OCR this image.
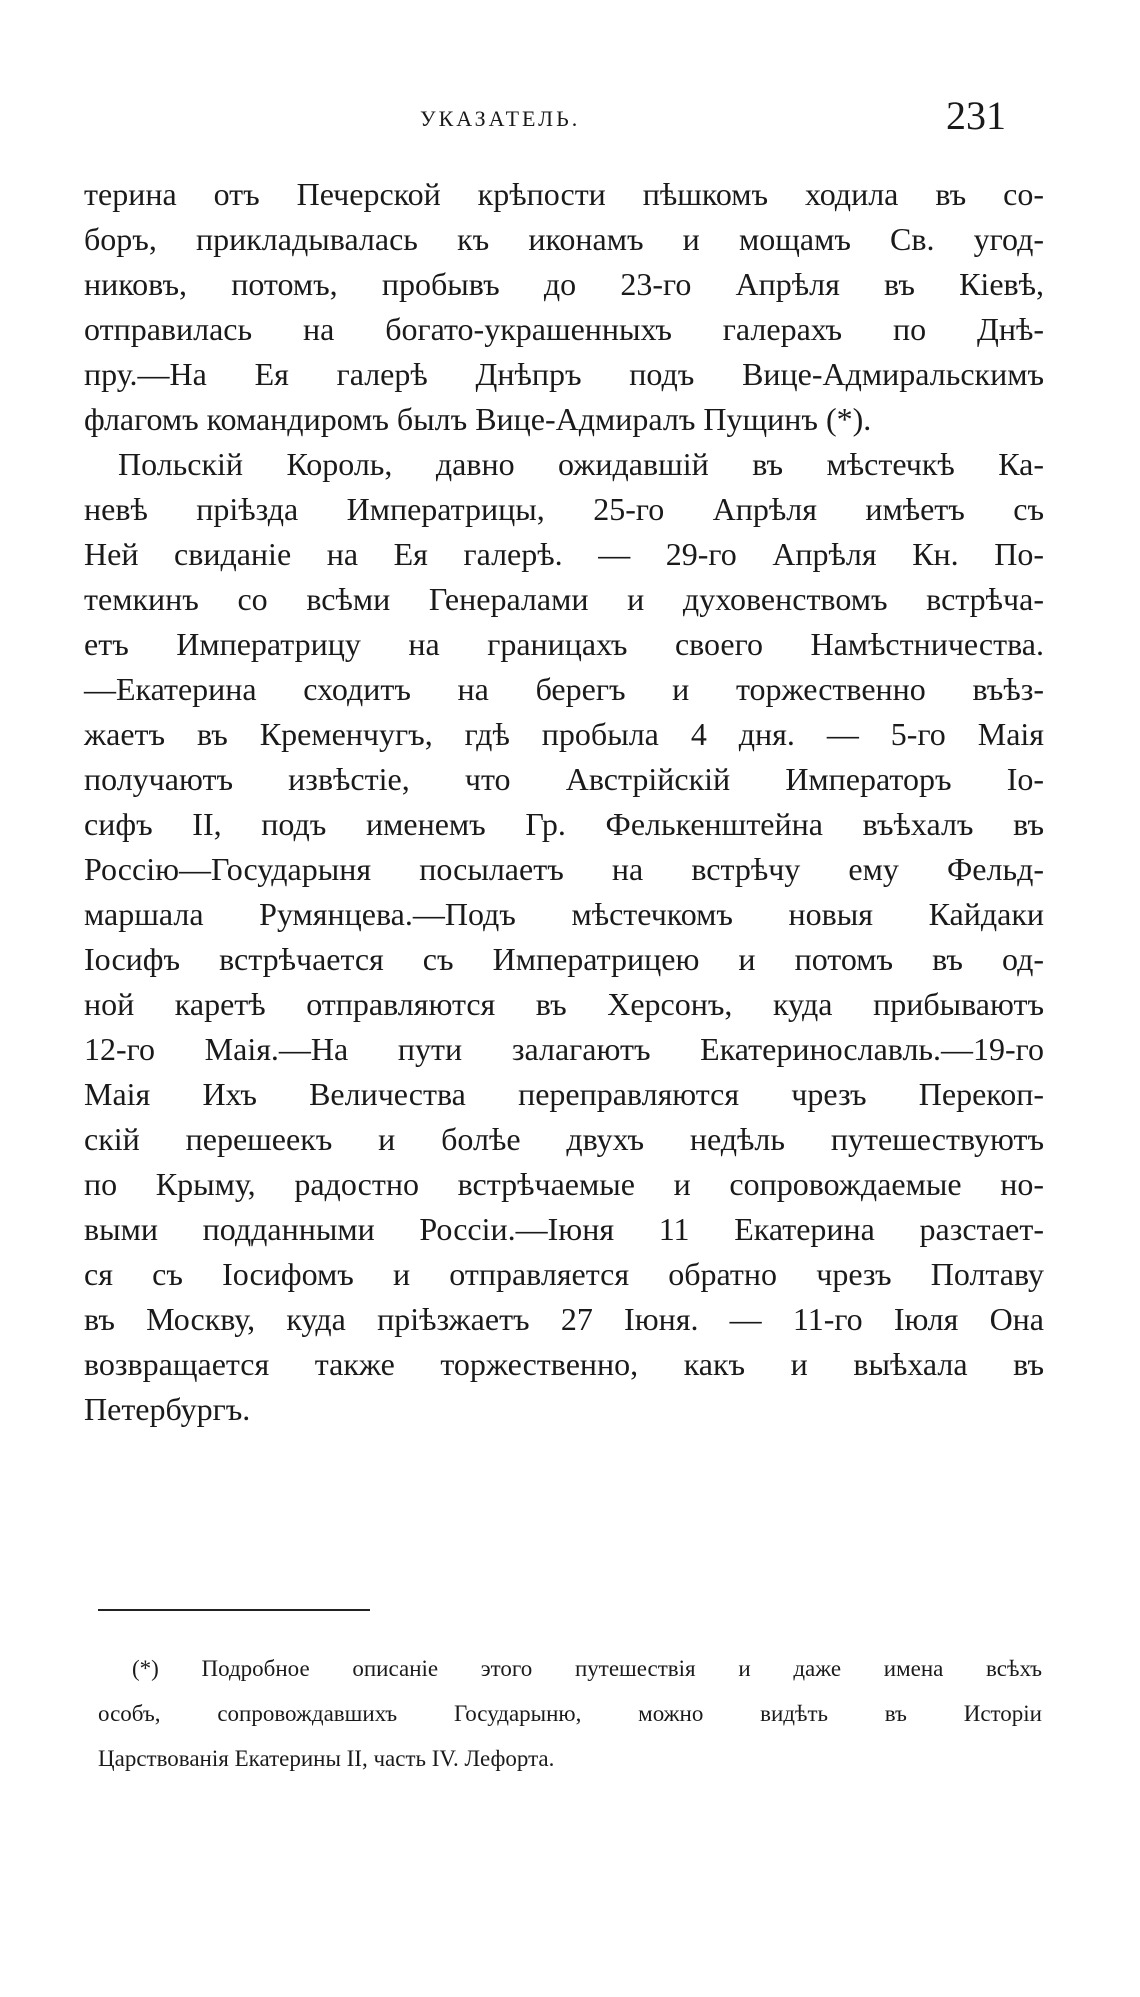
УКАЗАТЕЛЬ.	231
терина отъ Печерской крѣпости пѣшкомъ ходила въ со-
боръ, прикладывалась къ иконамъ и мощамъ Св. угод-
никовъ, потомъ, пробывъ до 23-го Апрѣля въ Кіевѣ,
отправилась на богато-украшенныхъ галерахъ по Днѣ-
пру.—На Ея галерѣ Днѣпръ подъ Вице-Адмиральскимъ
флагомъ командиромъ былъ Вице-Адмиралъ Пущинъ (*).
Польскій Король, давно ожидавшій въ мѣстечкѣ Ка-
невѣ пріѣзда Императрицы, 25-го Апрѣля имѣетъ съ
Ней свиданіе на Ея галерѣ. — 29-го Апрѣля Кн. По-
темкинъ со всѣми Генералами и духовенствомъ встрѣча-
етъ Императрицу на границахъ своего Намѣстничества.
—Екатерина сходитъ на берегъ и торжественно въѣз-
жаетъ въ Кременчугъ, гдѣ пробыла 4 дня. — 5-го Маія
получаютъ извѣстіе, что Австрійскій Императоръ Іо-
сифъ II, подъ именемъ Гр. Фелькенштейна въѣхалъ въ
Россію—Государыня посылаетъ на встрѣчу ему Фельд-
маршала Румянцева.—Подъ мѣстечкомъ новыя Кайдаки
Іосифъ встрѣчается съ Императрицею и потомъ въ од-
ной каретѣ отправляются въ Херсонъ, куда прибываютъ
12-го Маія.—На пути залагаютъ Екатеринославль.—19-го
Маія Ихъ Величества переправляются чрезъ Перекоп-
скій перешеекъ и болѣе двухъ недѣль путешествуютъ
по Крыму, радостно встрѣчаемые и сопровождаемые но-
выми подданными Россіи.—Іюня 11 Екатерина разстает-
ся съ Іосифомъ и отправляется обратно чрезъ Полтаву
въ Москву, куда пріѣзжаетъ 27 Іюня. — 11-го Іюля Она
возвращается также торжественно, какъ и выѣхала въ
Петербургъ.
(*) Подробное описаніе этого путешествія и даже имена всѣхъ
особъ, сопровождавшихъ Государыню, можно видѣть въ Исторіи
Царствованія Екатерины II, часть IV. Лефорта.
